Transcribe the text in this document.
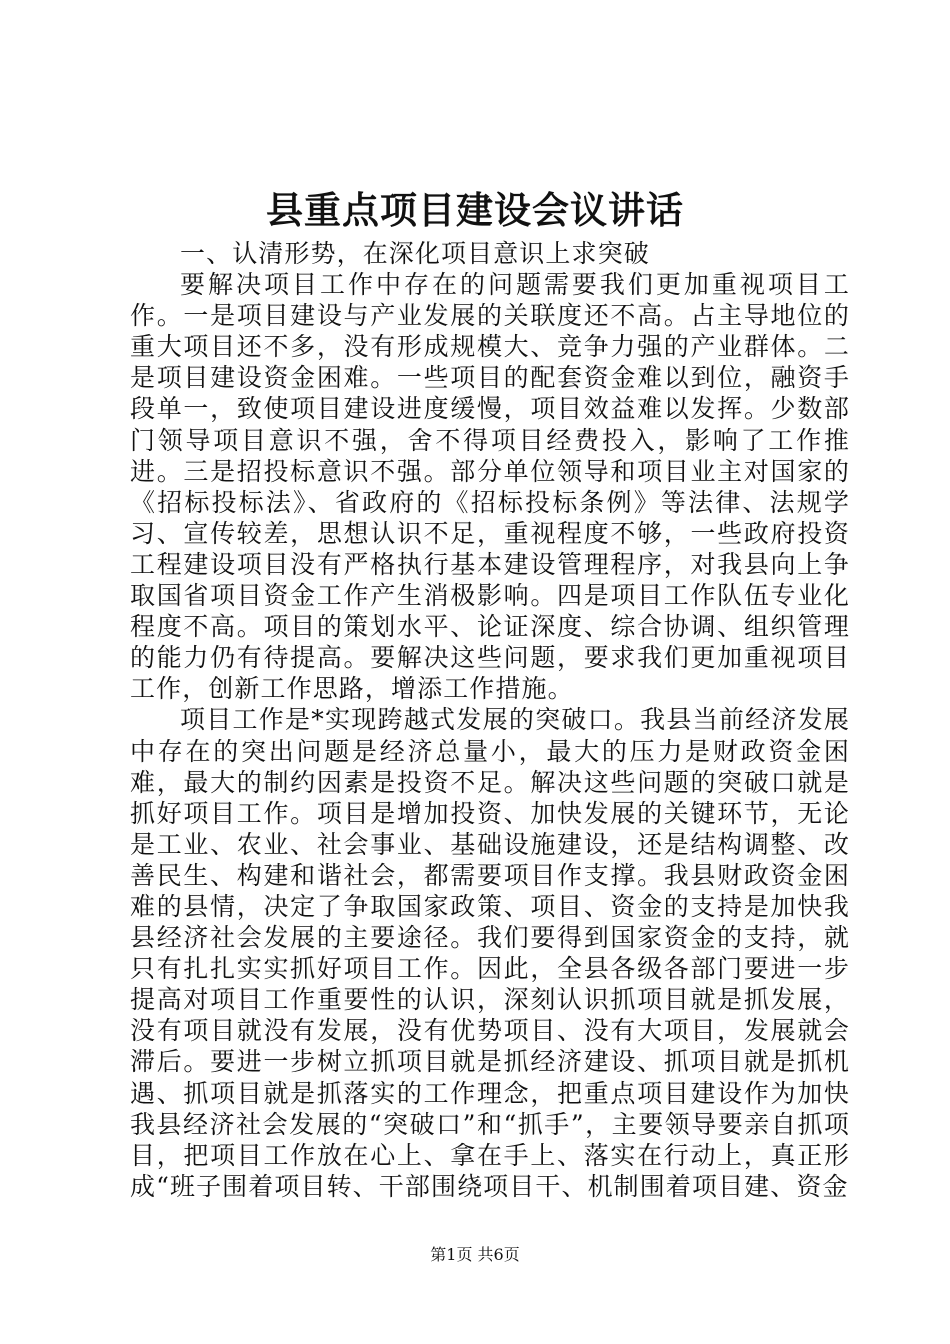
县重点项目建设会议讲话

一、认清形势，在深化项目意识上求突破

要解决项目工作中存在的问题需要我们更加重视项目工作。一是项目建设与产业发展的关联度还不高。占主导地位的重大项目还不多，没有形成规模大、竞争力强的产业群体。二是项目建设资金困难。一些项目的配套资金难以到位，融资手段单一，致使项目建设进度缓慢，项目效益难以发挥。少数部门领导项目意识不强，舍不得项目经费投入，影响了工作推进。三是招投标意识不强。部分单位领导和项目业主对国家的《招标投标法》、省政府的《招标投标条例》等法律、法规学习、宣传较差，思想认识不足，重视程度不够，一些政府投资工程建设项目没有严格执行基本建设管理程序，对我县向上争取国省项目资金工作产生消极影响。四是项目工作队伍专业化程度不高。项目的策划水平、论证深度、综合协调、组织管理的能力仍有待提高。要解决这些问题，要求我们更加重视项目工作，创新工作思路，增添工作措施。

项目工作是*实现跨越式发展的突破口。我县当前经济发展中存在的突出问题是经济总量小，最大的压力是财政资金困难，最大的制约因素是投资不足。解决这些问题的突破口就是抓好项目工作。项目是增加投资、加快发展的关键环节，无论是工业、农业、社会事业、基础设施建设，还是结构调整、改善民生、构建和谐社会，都需要项目作支撑。我县财政资金困难的县情，决定了争取国家政策、项目、资金的支持是加快我县经济社会发展的主要途径。我们要得到国家资金的支持，就只有扎扎实实抓好项目工作。因此，全县各级各部门要进一步提高对项目工作重要性的认识，深刻认识抓项目就是抓发展，没有项目就没有发展，没有优势项目、没有大项目，发展就会滞后。要进一步树立抓项目就是抓经济建设、抓项目就是抓机遇、抓项目就是抓落实的工作理念，把重点项目建设作为加快我县经济社会发展的“突破口”和“抓手”，主要领导要亲自抓项目，把项目工作放在心上、拿在手上、落实在行动上，真正形成“班子围着项目转、干部围绕项目干、机制围着项目建、资金

第1页 共6页
